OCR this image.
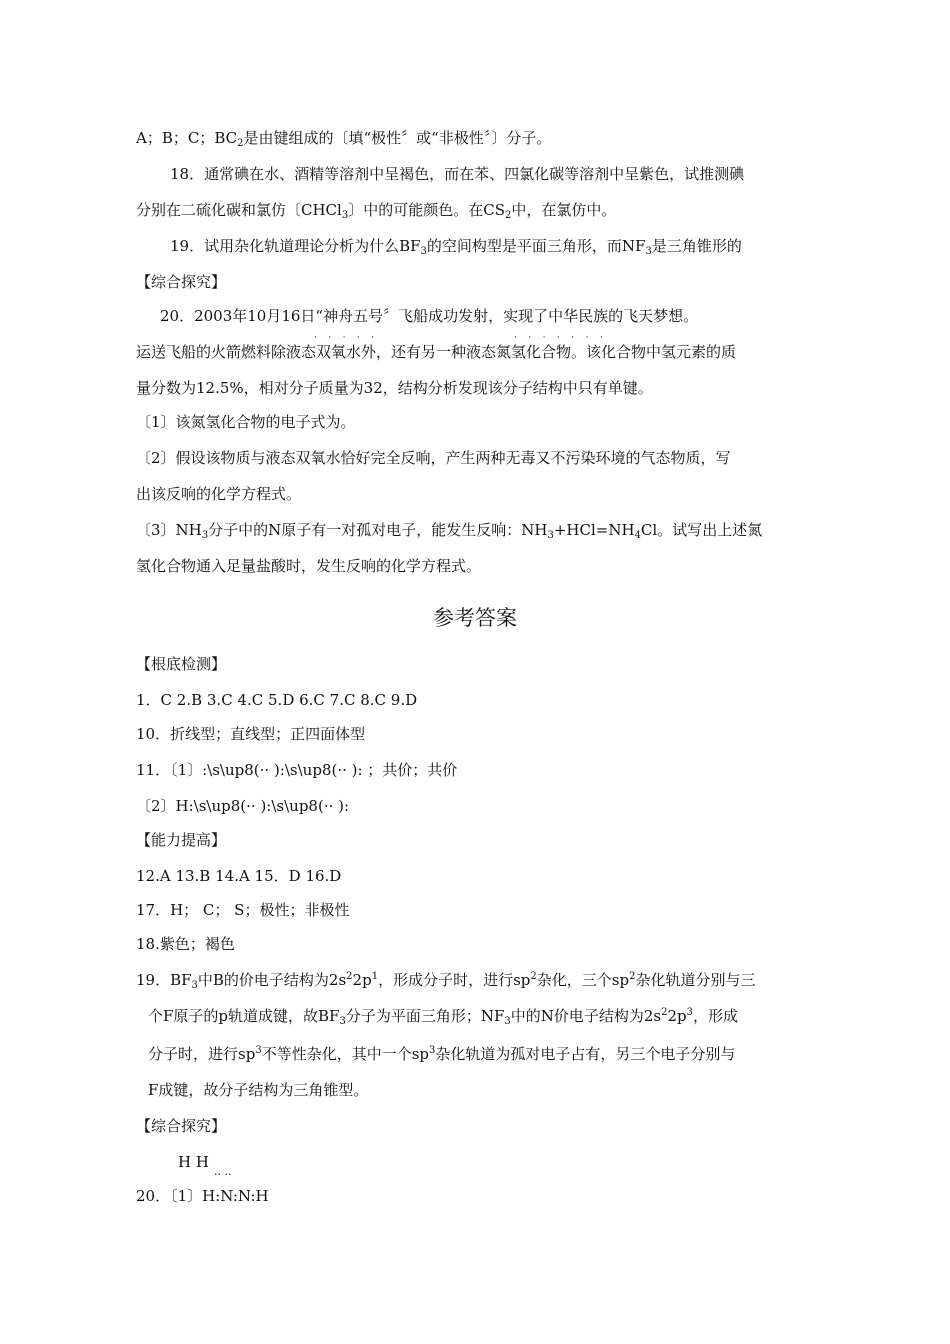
A；B；C；$BC_2$是由键组成的〔填“极性〞或“非极性〞〕分子。
18．通常碘在水、酒精等溶剂中呈褐色，而在苯、四氯化碳等溶剂中呈紫色，试推测碘
分别在二硫化碳和氯仿〔CHCl$_3$〕中的可能颜色。在$CS_2$中，在氯仿中。
19．试用杂化轨道理论分析为什么$BF_3$的空间构型是平面三角形，而$NF_3$是三角锥形的
【综合探究】
20．2003年10月16日“神舟五号〞飞船成功发射，实现了中华民族的飞天梦想。
·    ·    ·    ·    ·	·    ·    ·    ·    ·    ·    ·
运送飞船的火箭燃料除液态双氧水外，还有另一种液态氮氢化合物。该化合物中氢元素的质
量分数为12.5%，相对分子质量为32，结构分析发现该分子结构中只有单键。
〔1〕该氮氢化合物的电子式为。
〔2〕假设该物质与液态双氧水恰好完全反响，产生两种无毒又不污染环境的气态物质，写
出该反响的化学方程式。
〔3〕$NH_3$分子中的N原子有一对孤对电子，能发生反响：$NH_3+HCl=NH_4Cl$。试写出上述氮
氢化合物通入足量盐酸时，发生反响的化学方程式。
参考答案
【根底检测】
1．C 2.B 3.C 4.C 5.D 6.C 7.C 8.C 9.D
10．折线型；直线型；正四面体型
11．〔1〕:\s\up8(·· ):\s\up8(·· ): ；共价；共价
〔2〕H:\s\up8(·· ):\s\up8(·· ):
【能力提高】
12.A 13.B 14.A 15．D 16.D
17．H； C； S；极性；非极性
18.紫色；褐色
19．$BF_3$中B的价电子结构为$2s^22p^1$，形成分子时，进行$sp^2$杂化，三个$sp^2$杂化轨道分别与三
个F原子的p轨道成键，故$BF_3$分子为平面三角形；$NF_3$中的N价电子结构为$2s^22p^3$，形成
分子时，进行$sp^3$不等性杂化，其中一个$sp^3$杂化轨道为孤对电子占有，另三个电子分别与
F成键，故分子结构为三角锥型。
【综合探究】
H H
.. ..
20．〔1〕H:N:N:H
